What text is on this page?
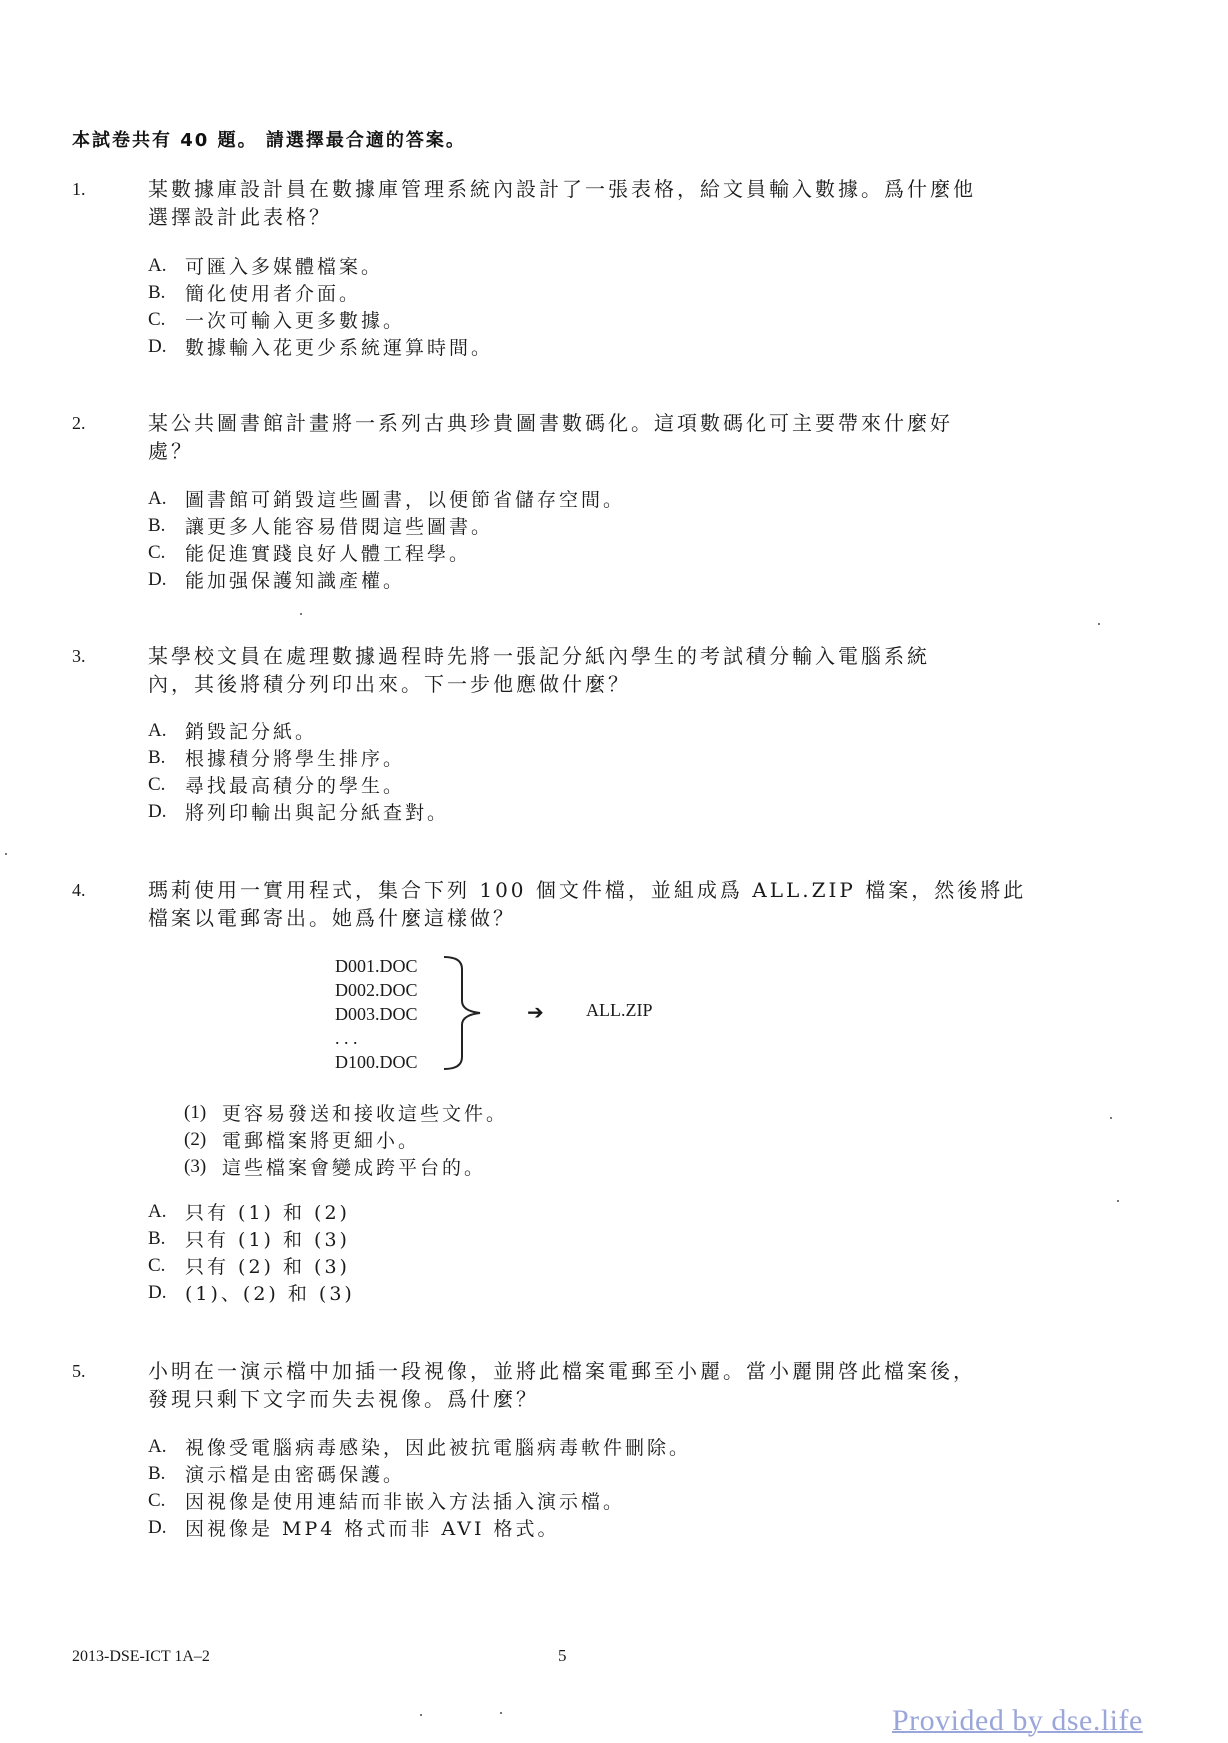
本試卷共有 40 題。 請選擇最合適的答案。
1.	某數據庫設計員在數據庫管理系統內設計了一張表格，給文員輸入數據。爲什麼他
選擇設計此表格？
A. 可匯入多媒體檔案。
B.	簡化使用者介面。
C.	一次可輸入更多數據。
D. 數據輸入花更少系統運算時間。
2.	某公共圖書館計畫將一系列古典珍貴圖書數碼化。這項數碼化可主要帶來什麼好
處？
A. 圖書館可銷毀這些圖書，以便節省儲存空間。
B.	讓更多人能容易借閱這些圖書。
C.	能促進實踐良好人體工程學。
D. 能加强保護知識產權。
3.	某學校文員在處理數據過程時先將一張記分紙內學生的考試積分輸入電腦系統
內，其後將積分列印出來。下一步他應做什麼？
A. 銷毀記分紙。
B.	根據積分將學生排序。
C.	尋找最高積分的學生。
D. 將列印輸出與記分紙查對。
4.	瑪莉使用一實用程式，集合下列 100 個文件檔，並組成爲 ALL.ZIP 檔案，然後將此
檔案以電郵寄出。她爲什麼這樣做？
D001.DOC
D002.DOC
D003.DOC
. . .
D100.DOC
➔ ALL.ZIP
(1) 更容易發送和接收這些文件。
(2) 電郵檔案將更細小。
(3) 這些檔案會變成跨平台的。
A. 只有 (1) 和 (2)
B.	只有 (1) 和 (3)
C.	只有 (2) 和 (3)
D. (1)、(2) 和 (3)
5.	小明在一演示檔中加插一段視像，並將此檔案電郵至小麗。當小麗開啓此檔案後，
發現只剩下文字而失去視像。爲什麼？
A. 視像受電腦病毒感染，因此被抗電腦病毒軟件刪除。
B.	演示檔是由密碼保護。
C.	因視像是使用連結而非嵌入方法插入演示檔。
D. 因視像是 MP4 格式而非 AVI 格式。
2013-DSE-ICT 1A–2	5
Provided by dse.life
